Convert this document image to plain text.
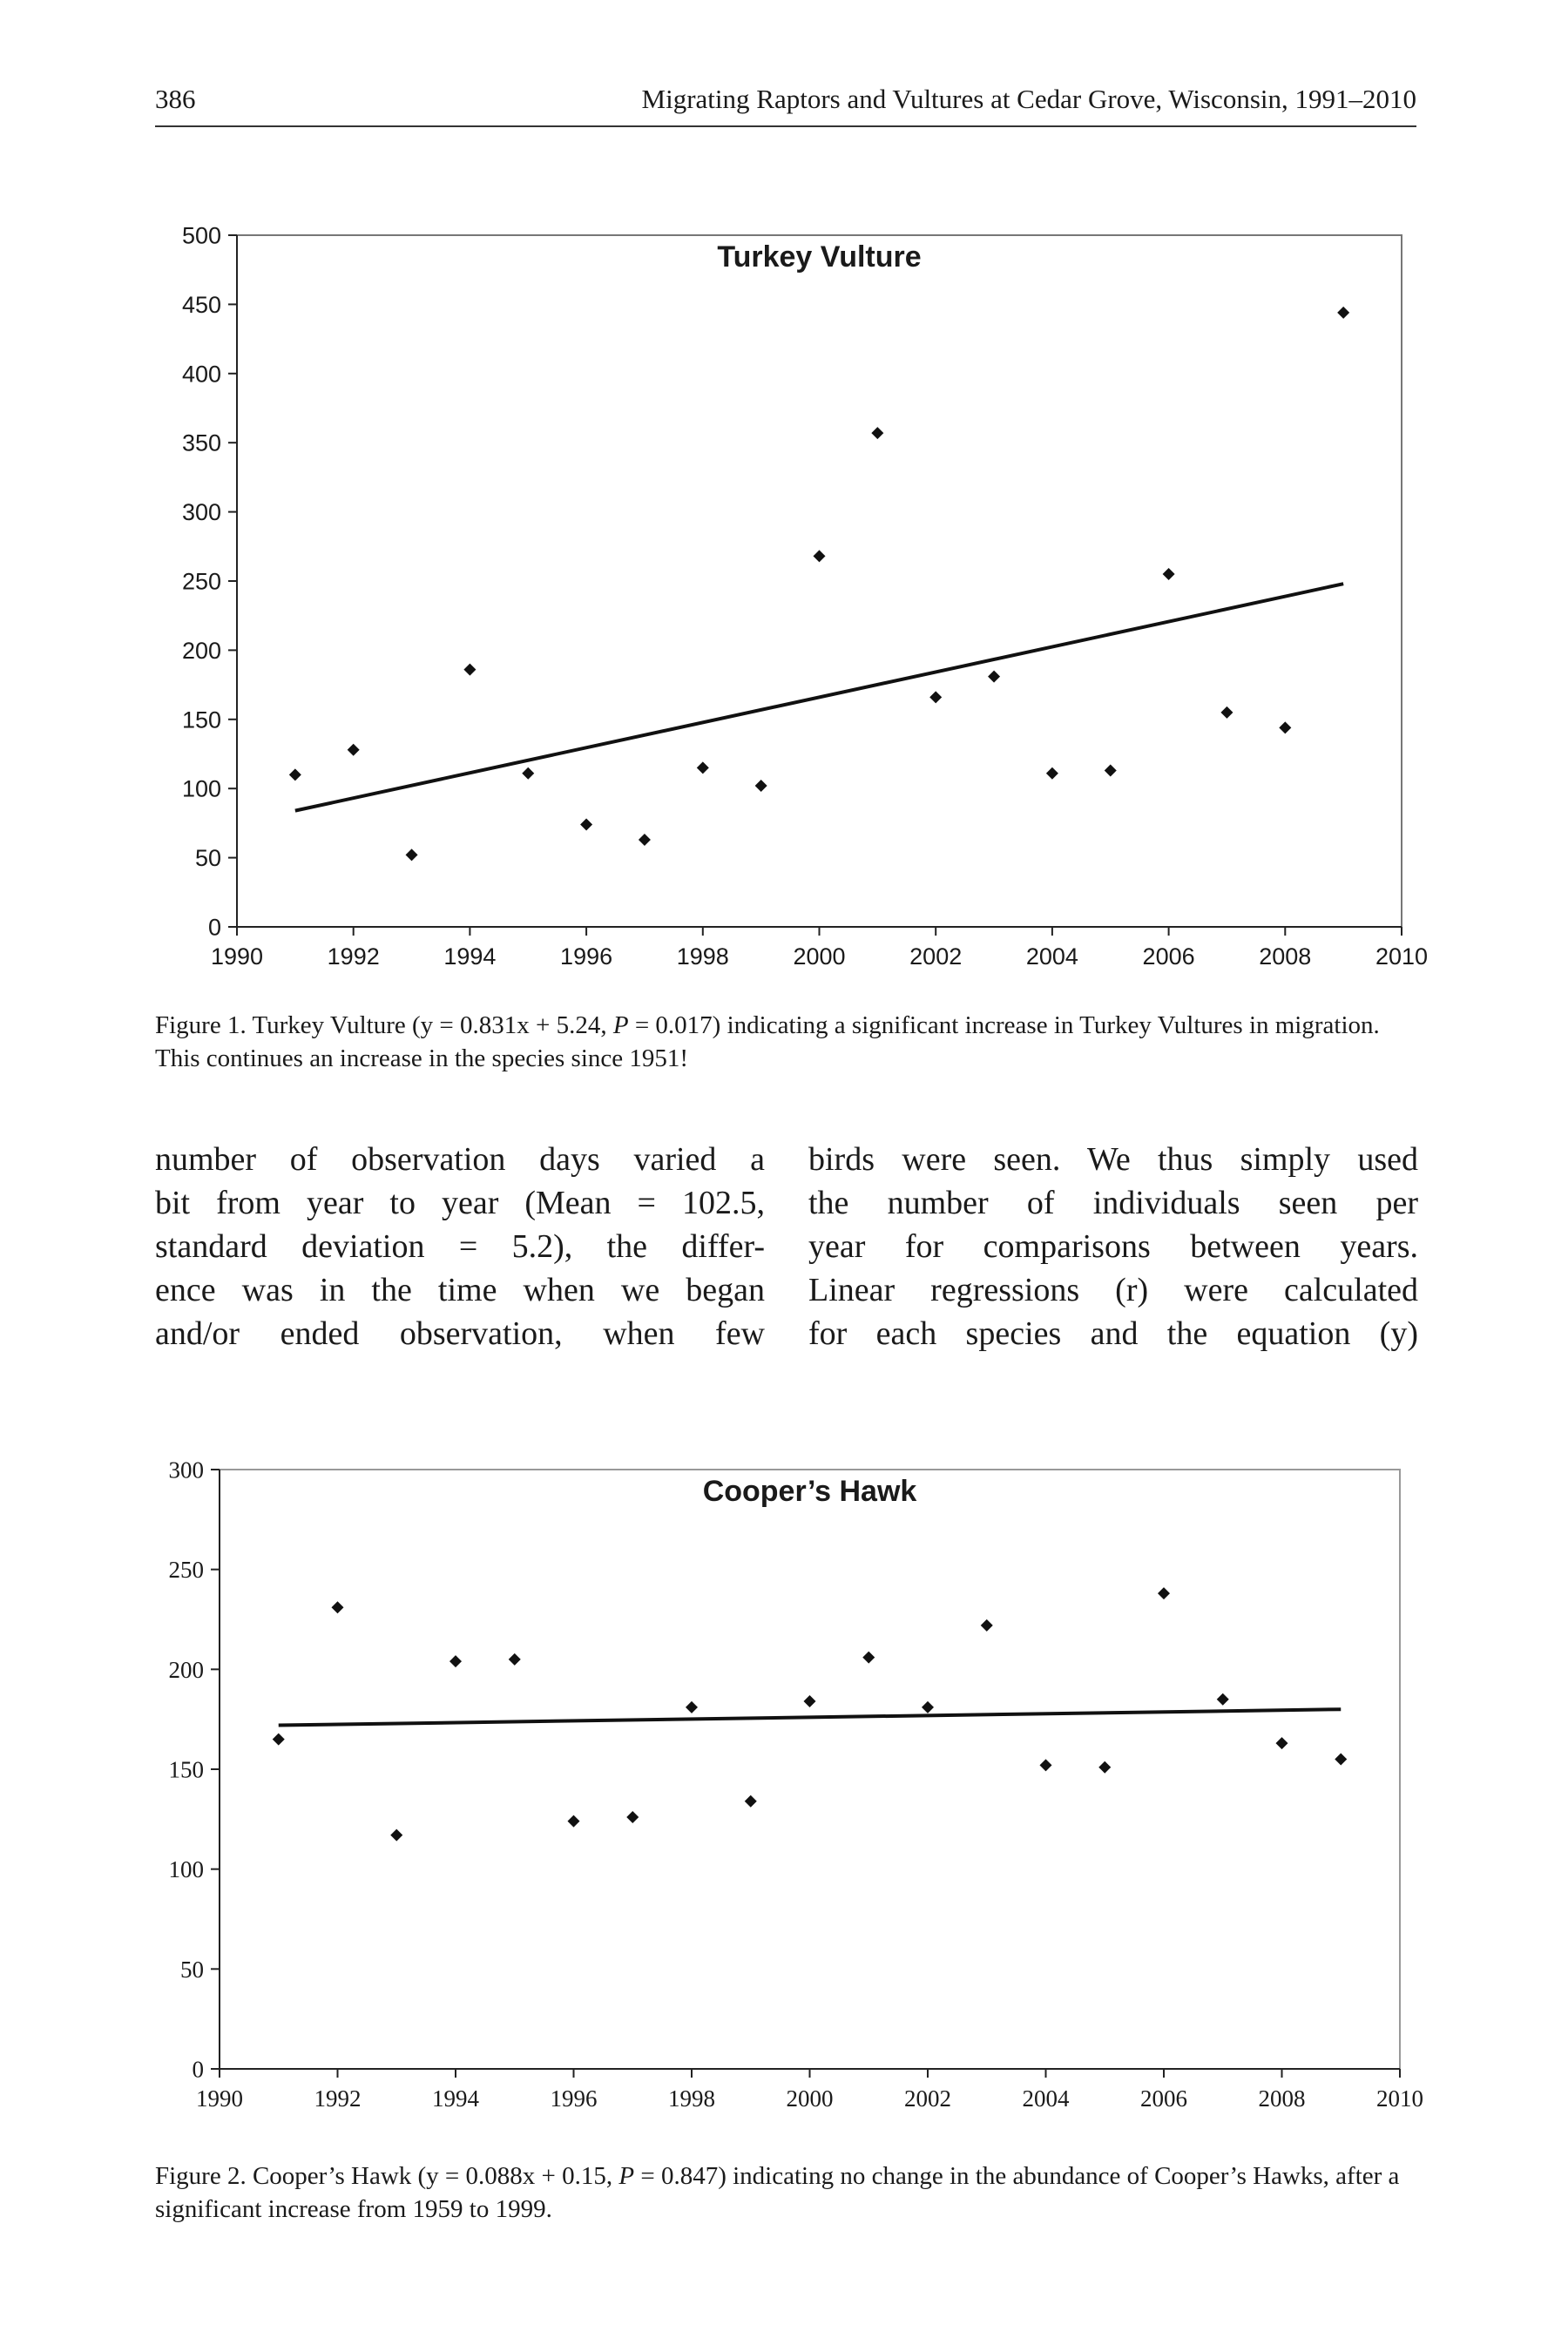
386	Migrating Raptors and Vultures at Cedar Grove, Wisconsin, 1991–2010
0
50
100
150
200
250
300
350
400
450
500
1990	1992	1994	1996	1998	2000	2002	2004	2006	2008	2010
Turkey Vulture
Figure 1. Turkey Vulture (y = 0.831x + 5.24, P = 0.017) indicating a significant increase in Turkey Vultures in migration. This continues an increase in the species since 1951!
number of observation days varied a
bit from year to year (Mean = 102.5,
standard deviation = 5.2), the differ-
ence was in the time when we began
and/or ended observation, when few
birds were seen. We thus simply used
the number of individuals seen per
year for comparisons between years.
Linear regressions (r) were calculated
for each species and the equation (y)
0
50
100
150
200
250
300
1990	1992	1994	1996	1998	2000	2002	2004	2006	2008	2010
Cooper’s Hawk
Figure 2. Cooper’s Hawk (y = 0.088x + 0.15, P = 0.847) indicating no change in the abundance of Cooper’s Hawks, after a significant increase from 1959 to 1999.
